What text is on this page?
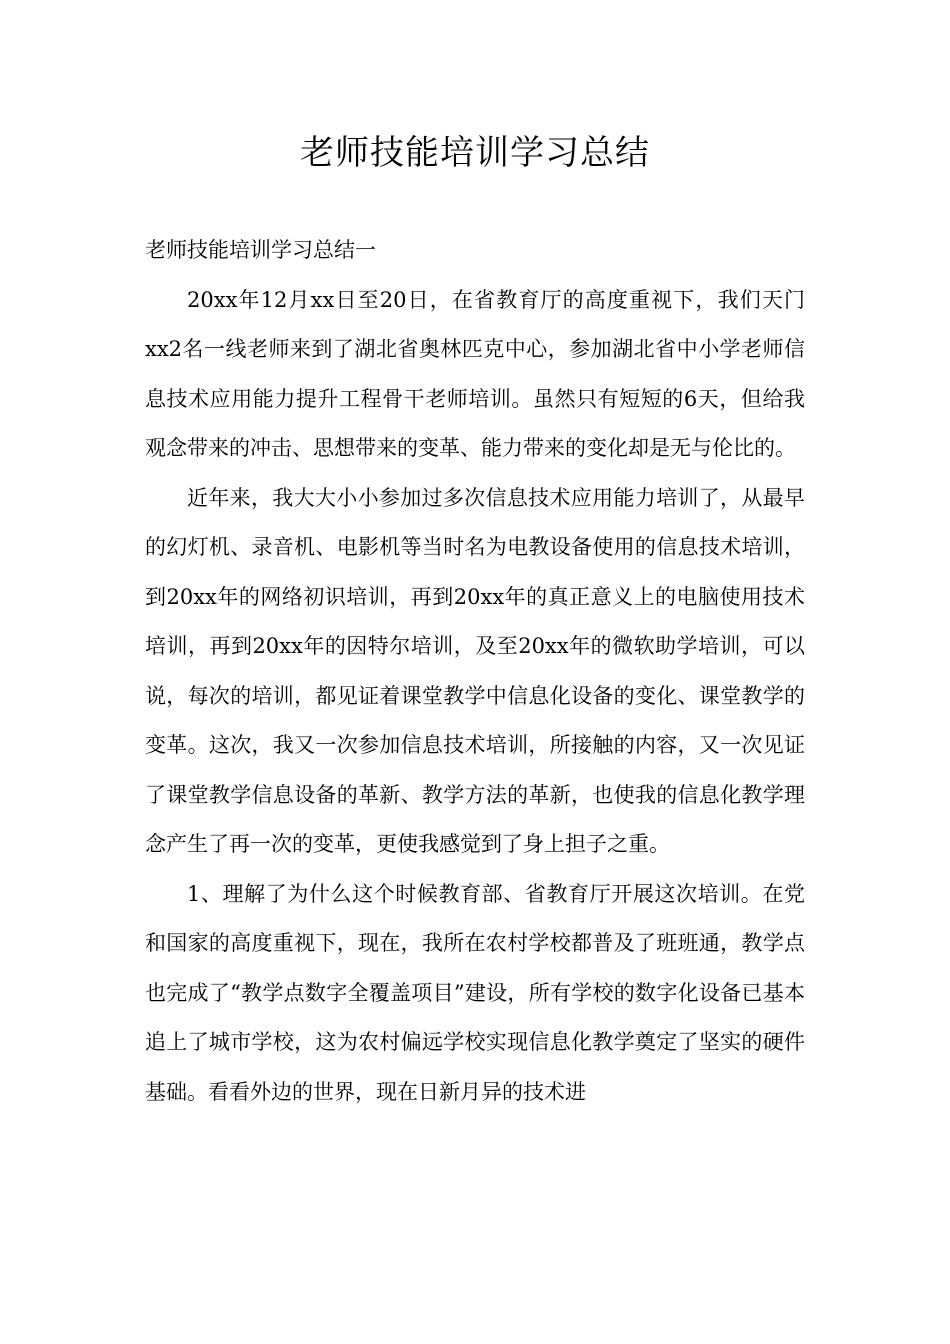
老师技能培训学习总结

老师技能培训学习总结一

20xx年12月xx日至20日，在省教育厅的高度重视下，我们天门xx2名一线老师来到了湖北省奥林匹克中心，参加湖北省中小学老师信息技术应用能力提升工程骨干老师培训。虽然只有短短的6天，但给我观念带来的冲击、思想带来的变革、能力带来的变化却是无与伦比的。

近年来，我大大小小参加过多次信息技术应用能力培训了，从最早的幻灯机、录音机、电影机等当时名为电教设备使用的信息技术培训，到20xx年的网络初识培训，再到20xx年的真正意义上的电脑使用技术培训，再到20xx年的因特尔培训，及至20xx年的微软助学培训，可以说，每次的培训，都见证着课堂教学中信息化设备的变化、课堂教学的变革。这次，我又一次参加信息技术培训，所接触的内容，又一次见证了课堂教学信息设备的革新、教学方法的革新，也使我的信息化教学理念产生了再一次的变革，更使我感觉到了身上担子之重。

1、理解了为什么这个时候教育部、省教育厅开展这次培训。在党和国家的高度重视下，现在，我所在农村学校都普及了班班通，教学点也完成了“教学点数字全覆盖项目”建设，所有学校的数字化设备已基本追上了城市学校，这为农村偏远学校实现信息化教学奠定了坚实的硬件基础。看看外边的世界，现在日新月异的技术进
